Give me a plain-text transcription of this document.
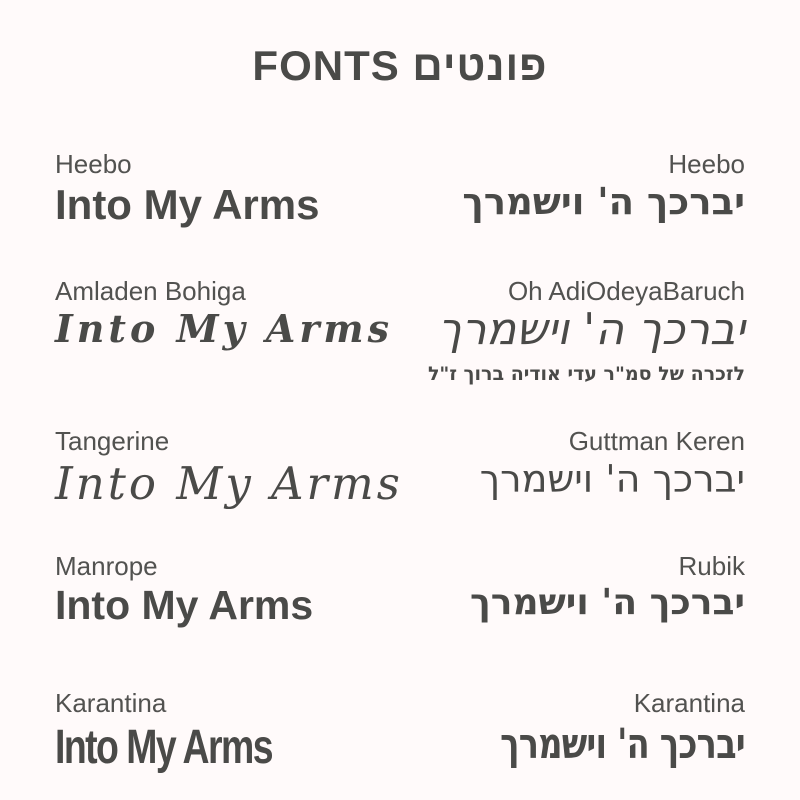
FONTS פונטים
Heebo
Into My Arms
Heebo
יברכך ה' וישמרך
Amladen Bohiga
Into My Arms
Oh AdiOdeyaBaruch
יברכך ה' וישמרך
לזכרה של סמ"ר עדי אודיה ברוך ז"ל
Tangerine
Into My Arms
Guttman Keren
יברכך ה' וישמרך
Manrope
Into My Arms
Rubik
יברכך ה' וישמרך
Karantina
Into My Arms
Karantina
יברכך ה' וישמרך
